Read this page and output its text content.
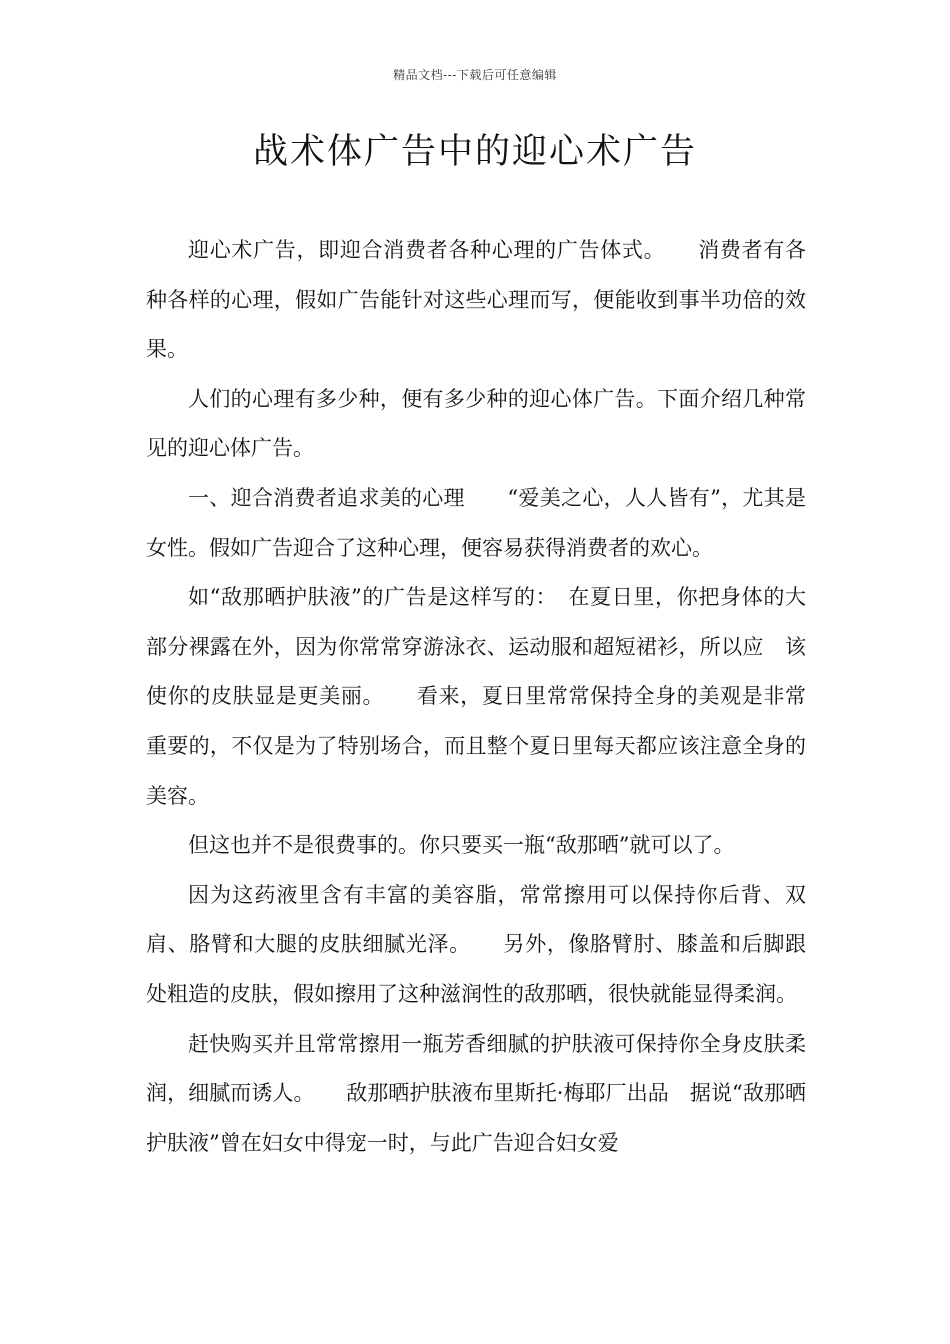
精品文档---下载后可任意编辑
战术体广告中的迎心术广告

迎心术广告，即迎合消费者各种心理的广告体式。　　消费者有各种各样的心理，假如广告能针对这些心理而写，便能收到事半功倍的效果。

人们的心理有多少种，便有多少种的迎心体广告。下面介绍几种常见的迎心体广告。

一、迎合消费者追求美的心理　　“爱美之心，人人皆有”，尤其是女性。假如广告迎合了这种心理，便容易获得消费者的欢心。

如“敌那晒护肤液”的广告是这样写的：　在夏日里，你把身体的大部分裸露在外，因为你常常穿游泳衣、运动服和超短裙衫，所以应　该使你的皮肤显是更美丽。　　看来，夏日里常常保持全身的美观是非常重要的，不仅是为了特别场合，而且整个夏日里每天都应该注意全身的美容。

但这也并不是很费事的。你只要买一瓶“敌那晒”就可以了。

因为这药液里含有丰富的美容脂，常常擦用可以保持你后背、双肩、胳臂和大腿的皮肤细腻光泽。　　另外，像胳臂肘、膝盖和后脚跟处粗造的皮肤，假如擦用了这种滋润性的敌那晒，很快就能显得柔润。

赶快购买并且常常擦用一瓶芳香细腻的护肤液可保持你全身皮肤柔润，细腻而诱人。　　敌那晒护肤液布里斯托·梅耶厂出品　据说“敌那晒护肤液”曾在妇女中得宠一时，与此广告迎合妇女爱
